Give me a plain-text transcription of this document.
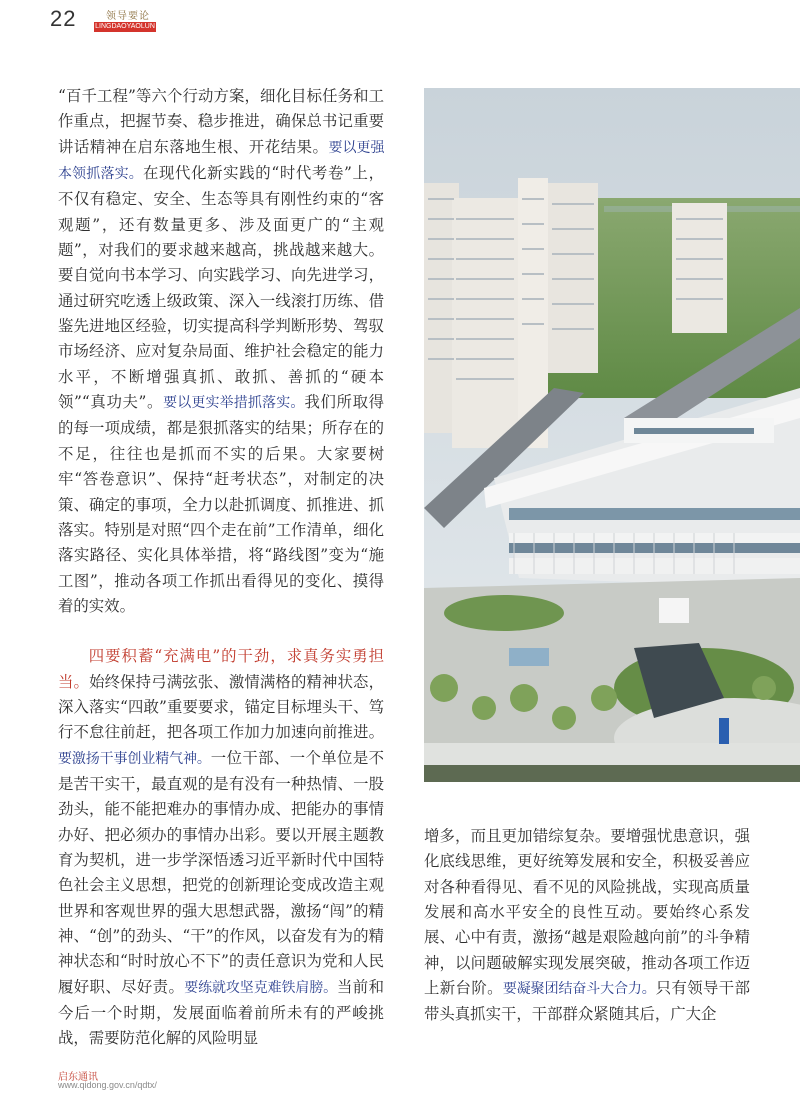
22	领导要论
LINGDAOYAOLUN

“百千工程”等六个行动方案，细化目标任务和工作重点，把握节奏、稳步推进，确保总书记重要讲话精神在启东落地生根、开花结果。要以更强本领抓落实。在现代化新实践的“时代考卷”上，不仅有稳定、安全、生态等具有刚性约束的“客观题”，还有数量更多、涉及面更广的“主观题”，对我们的要求越来越高，挑战越来越大。要自觉向书本学习、向实践学习、向先进学习，通过研究吃透上级政策、深入一线滚打历练、借鉴先进地区经验，切实提高科学判断形势、驾驭市场经济、应对复杂局面、维护社会稳定的能力水平，不断增强真抓、敢抓、善抓的“硬本领”“真功夫”。要以更实举措抓落实。我们所取得的每一项成绩，都是狠抓落实的结果；所存在的不足，往往也是抓而不实的后果。大家要树牢“答卷意识”、保持“赶考状态”，对制定的决策、确定的事项，全力以赴抓调度、抓推进、抓落实。特别是对照“四个走在前”工作清单，细化落实路径、实化具体举措，将“路线图”变为“施工图”，推动各项工作抓出看得见的变化、摸得着的实效。

四要积蓄“充满电”的干劲，求真务实勇担当。始终保持弓满弦张、激情满格的精神状态，深入落实“四敢”重要要求，锚定目标埋头干、笃行不怠往前赶，把各项工作加力加速向前推进。要激扬干事创业精气神。一位干部、一个单位是不是苦干实干，最直观的是有没有一种热情、一股劲头，能不能把难办的事情办成、把能办的事情办好、把必须办的事情办出彩。要以开展主题教育为契机，进一步学深悟透习近平新时代中国特色社会主义思想，把党的创新理论变成改造主观世界和客观世界的强大思想武器，激扬“闯”的精神、“创”的劲头、“干”的作风，以奋发有为的精神状态和“时时放心不下”的责任意识为党和人民履好职、尽好责。要练就攻坚克难铁肩膀。当前和今后一个时期，发展面临着前所未有的严峻挑战，需要防范化解的风险明显

增多，而且更加错综复杂。要增强忧患意识，强化底线思维，更好统筹发展和安全，积极妥善应对各种看得见、看不见的风险挑战，实现高质量发展和高水平安全的良性互动。要始终心系发展、心中有责，激扬“越是艰险越向前”的斗争精神，以问题破解实现发展突破，推动各项工作迈上新台阶。要凝聚团结奋斗大合力。只有领导干部带头真抓实干，干部群众紧随其后，广大企

启东通讯
www.qidong.gov.cn/qdtx/
